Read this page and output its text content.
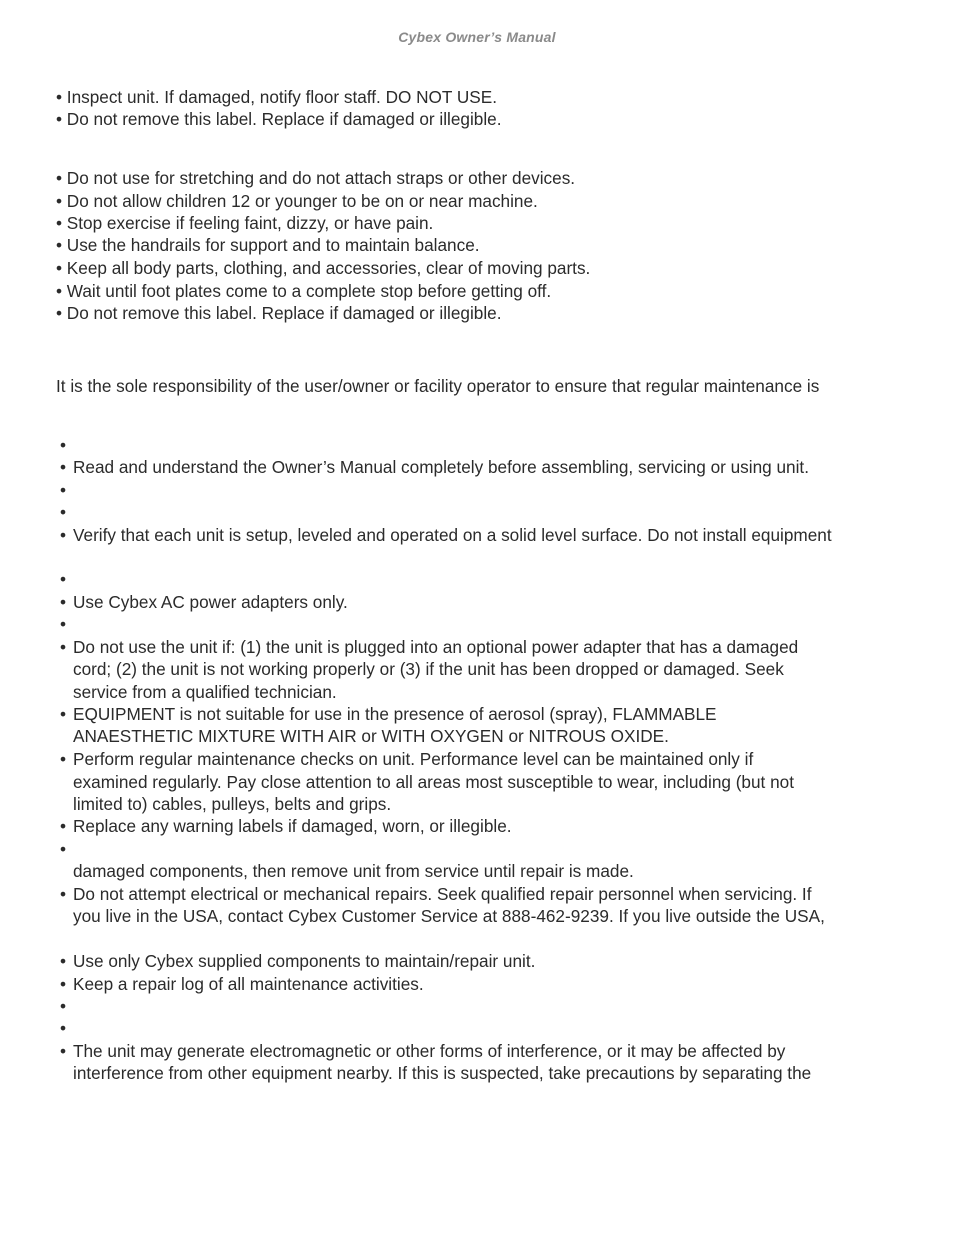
Cybex Owner’s Manual
• Inspect unit. If damaged, notify floor staff. DO NOT USE.
• Do not remove this label. Replace if damaged or illegible.
• Do not use for stretching and do not attach straps or other devices.
• Do not allow children 12 or younger to be on or near machine.
• Stop exercise if feeling faint, dizzy, or have pain.
• Use the handrails for support and to maintain balance.
• Keep all body parts, clothing, and accessories, clear of moving parts.
• Wait until foot plates come to a complete stop before getting off.
• Do not remove this label. Replace if damaged or illegible.
It is the sole responsibility of the user/owner or facility operator to ensure that regular maintenance is
•
• Read and understand the Owner’s Manual completely before assembling, servicing or using unit.
•
•
• Verify that each unit is setup, leveled and operated on a solid level surface. Do not install equipment
•
• Use Cybex AC power adapters only.
•
• Do not use the unit if: (1) the unit is plugged into an optional power adapter that has a damaged
cord; (2) the unit is not working properly or (3) if the unit has been dropped or damaged. Seek
service from a qualified technician.
• EQUIPMENT is not suitable for use in the presence of aerosol (spray), FLAMMABLE
ANAESTHETIC MIXTURE WITH AIR or WITH OXYGEN or NITROUS OXIDE.
• Perform regular maintenance checks on unit. Performance level can be maintained only if
examined regularly. Pay close attention to all areas most susceptible to wear, including (but not
limited to) cables, pulleys, belts and grips.
• Replace any warning labels if damaged, worn, or illegible.
•
damaged components, then remove unit from service until repair is made.
• Do not attempt electrical or mechanical repairs. Seek qualified repair personnel when servicing. If
you live in the USA, contact Cybex Customer Service at 888-462-9239. If you live outside the USA,
• Use only Cybex supplied components to maintain/repair unit.
• Keep a repair log of all maintenance activities.
•
•
• The unit may generate electromagnetic or other forms of interference, or it may be affected by
interference from other equipment nearby. If this is suspected, take precautions by separating the
